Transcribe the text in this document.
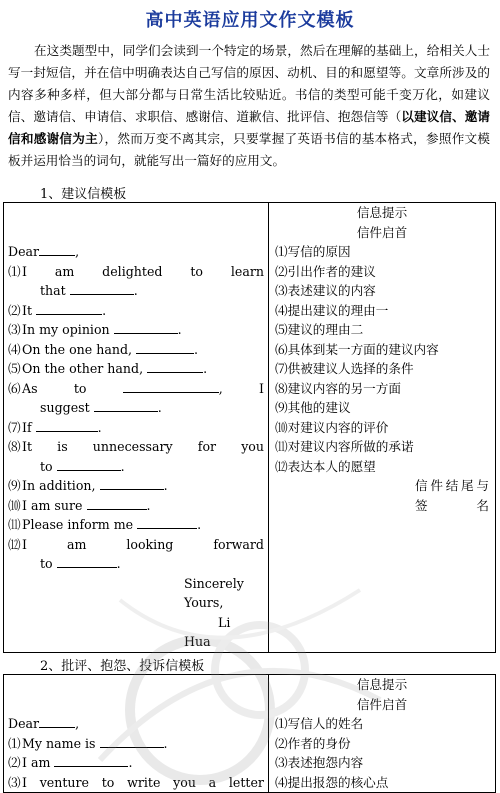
高中英语应用文作文模板
在这类题型中，同学们会读到一个特定的场景，然后在理解的基础上，给相关人士写一封短信，并在信中明确表达自己写信的原因、动机、目的和愿望等。文章所涉及的内容多种多样，但大部分都与日常生活比较贴近。书信的类型可能千变万化，如建议信、邀请信、申请信、求职信、感谢信、道歉信、批评信、抱怨信等（以建议信、邀请信和感谢信为主），然而万变不离其宗，只要掌握了英语书信的基本格式，参照作文模板并运用恰当的词句，就能写出一篇好的应用文。
1、建议信模板
Dear	,
⑴ I am delighted to learn
that	.
⑵ It	.
⑶ In my opinion	.
⑷ On the one hand,	.
⑸ On the other hand,	.
⑹ As	to	,	I
suggest	.
⑺ If	.
⑻ It is unnecessary for you
to	.
⑼ In addition,	.
⑽ I am sure	.
⑾ Please inform me	.
⑿ I	am	looking	forward
to	.
Sincerely
Yours,
Li
Hua

信息提示
信件启首
⑴写信的原因
⑵引出作者的建议
⑶表述建议的内容
⑷提出建议的理由一
⑸建议的理由二
⑹具体到某一方面的建议内容
⑺供被建议人选择的条件
⑻建议内容的另一方面
⑼其他的建议
⑽对建议内容的评价
⑾对建议内容所做的承诺
⑿表达本人的愿望
信件结尾与签名
2、批评、抱怨、投诉信模板
Dear	,
⑴ My name is	.
⑵ I am	.
⑶ I venture to write you a letter

信息提示
信件启首
⑴写信人的姓名
⑵作者的身份
⑶表述抱怨内容
⑷提出报怨的核心点
